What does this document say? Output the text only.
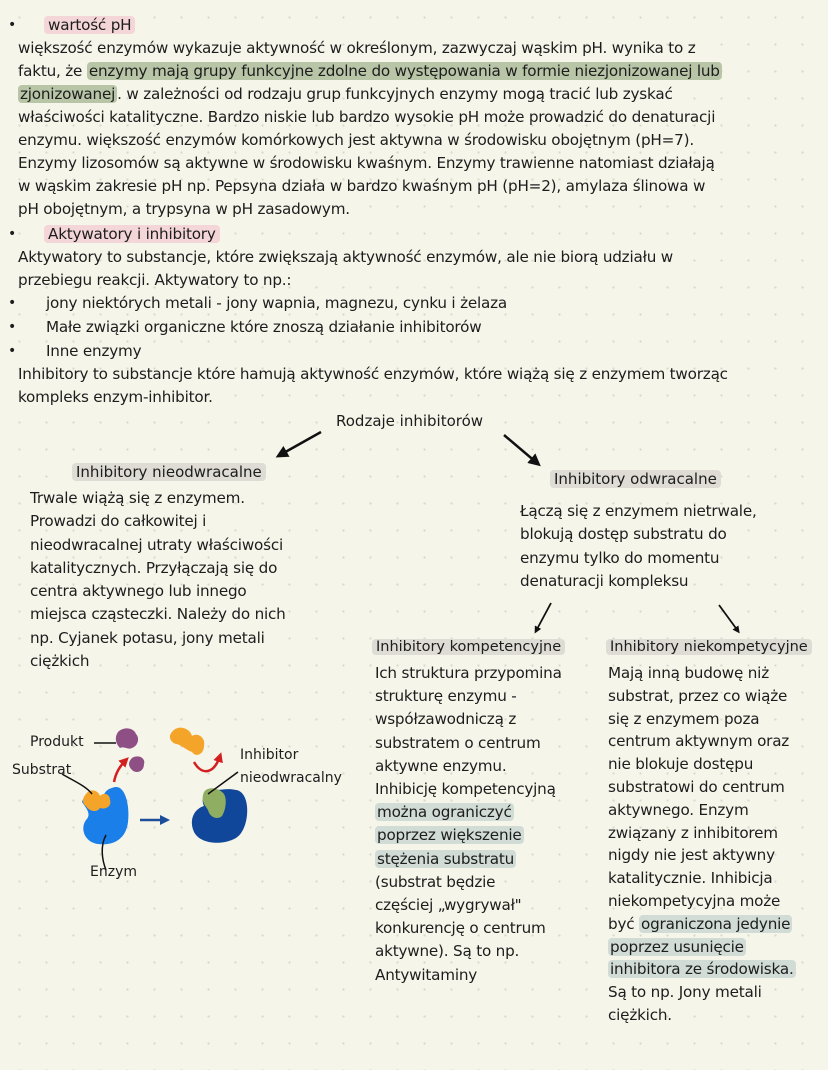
• wartość pH
większość enzymów wykazuje aktywność w określonym, zazwyczaj wąskim pH. wynika to z
faktu, że enzymy mają grupy funkcyjne zdolne do występowania w formie niezjonizowanej lub
zjonizowanej . w zależności od rodzaju grup funkcyjnych enzymy mogą tracić lub zyskać
właściwości katalityczne. Bardzo niskie lub bardzo wysokie pH może prowadzić do denaturacji
enzymu. większość enzymów komórkowych jest aktywna w środowisku obojętnym (pH=7).
Enzymy lizosomów są aktywne w środowisku kwaśnym. Enzymy trawienne natomiast działają
w wąskim zakresie pH np. Pepsyna działa w bardzo kwaśnym pH (pH=2), amylaza ślinowa w
pH obojętnym, a trypsyna w pH zasadowym.
• Aktywatory i inhibitory
Aktywatory to substancje, które zwiększają aktywność enzymów, ale nie biorą udziału w
przebiegu reakcji. Aktywatory to np.:
• jony niektórych metali - jony wapnia, magnezu, cynku i żelaza
• Małe związki organiczne które znoszą działanie inhibitorów
• Inne enzymy
Inhibitory to substancje które hamują aktywność enzymów, które wiążą się z enzymem tworząc
kompleks enzym-inhibitor.
Rodzaje inhibitorów
Inhibitory nieodwracalne
Trwale wiążą się z enzymem.
Prowadzi do całkowitej i
nieodwracalnej utraty właściwości
katalitycznych. Przyłączają się do
centra aktywnego lub innego
miejsca cząsteczki. Należy do nich
np. Cyjanek potasu, jony metali
ciężkich
Inhibitory odwracalne
Łączą się z enzymem nietrwale,
blokują dostęp substratu do
enzymu tylko do momentu
denaturacji kompleksu
Inhibitory kompetencyjne
Ich struktura przypomina
strukturę enzymu -
współzawodniczą z
substratem o centrum
aktywne enzymu.
Inhibicję kompetencyjną
można ograniczyć
poprzez większenie
stężenia substratu
(substrat będzie
częściej „wygrywał"
konkurencję o centrum
aktywne). Są to np.
Antywitaminy
Inhibitory niekompetycyjne
Mają inną budowę niż
substrat, przez co wiąże
się z enzymem poza
centrum aktywnym oraz
nie blokuje dostępu
substratowi do centrum
aktywnego. Enzym
związany z inhibitorem
nigdy nie jest aktywny
katalitycznie. Inhibicja
niekompetycyjna może
być ograniczona jedynie
poprzez usunięcie
inhibitora ze środowiska.
Są to np. Jony metali
ciężkich.
Produkt
Substrat
Enzym
Inhibitor
nieodwracalny
